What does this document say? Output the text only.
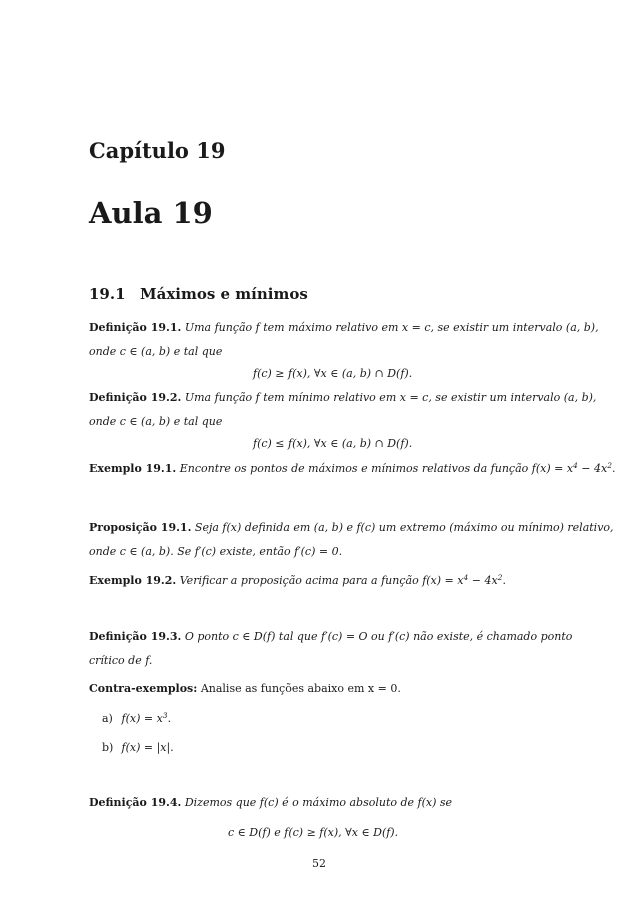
Capítulo 19
Aula 19
19.1 Máximos e mínimos
Definição 19.1. Uma função f tem máximo relativo em x = c, se existir um intervalo (a, b),
onde c ∈ (a, b) e tal que
f(c) ≥ f(x), ∀x ∈ (a, b) ∩ D(f).
Definição 19.2. Uma função f tem mínimo relativo em x = c, se existir um intervalo (a, b),
onde c ∈ (a, b) e tal que
f(c) ≤ f(x), ∀x ∈ (a, b) ∩ D(f).
Exemplo 19.1. Encontre os pontos de máximos e mínimos relativos da função $f(x) = x^4 - 4x^2$.
Proposição 19.1. Seja f(x) definida em (a, b) e f(c) um extremo (máximo ou mínimo) relativo,
onde c ∈ (a, b). Se f′(c) existe, então f′(c) = 0.
Exemplo 19.2. Verificar a proposição acima para a função $f(x) = x^4 - 4x^2$.
Definição 19.3. O ponto c ∈ D(f) tal que f′(c) = O ou f′(c) não existe, é chamado ponto
crítico de f.
Contra-exemplos: Analise as funções abaixo em x = 0.
a) $f(x) = x^3$.
b) f(x) = |x|.
Definição 19.4. Dizemos que f(c) é o máximo absoluto de f(x) se
c ∈ D(f) e f(c) ≥ f(x), ∀x ∈ D(f).
52
